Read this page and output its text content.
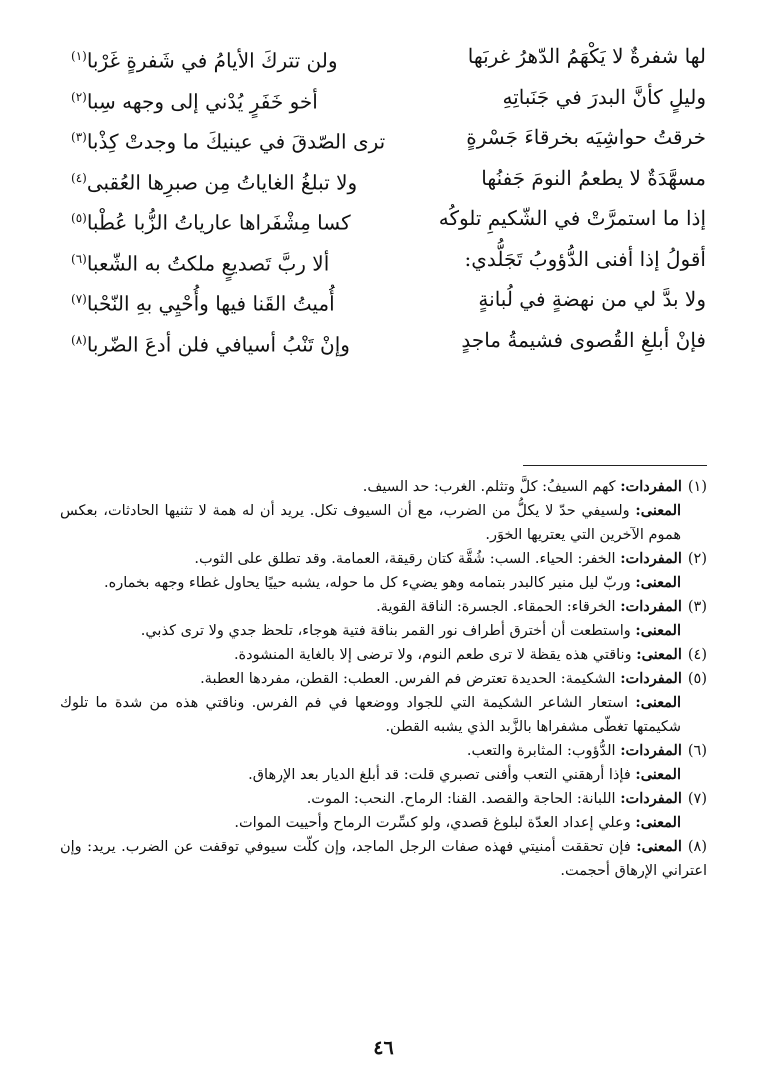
لها شفرةٌ لا يَكْهَمُ الدّهرُ غربَها
ولن تتركَ الأيامُ في شَفرةٍ غَرْبا$^{(١)}$
وليلٍ كأنَّ البدرَ في جَنَباتِهِ
أخو خَفَرٍ يُدْني إلى وجهه سِبا$^{(٢)}$
خرقتُ حواشِيَه بخرقاءَ جَسْرةٍ
ترى الصّدقَ في عينيكَ ما وجدتْ كِذْبا$^{(٣)}$
مسهَّدَةٌ لا يطعمُ النومَ جَفنُها
ولا تبلغُ الغاياتُ مِن صبرِها العُقبى$^{(٤)}$
إذا ما استمرَّتْ في الشّكيمِ تلوكُه
كسا مِشْفَراها عارياتُ الزُّبا عُطْبا$^{(٥)}$
أقولُ إذا أفنى الدُّؤوبُ تَجَلُّدي:
ألا ربَّ تَصديعٍ ملكتُ به الشّعبا$^{(٦)}$
ولا بدَّ لي من نهضةٍ في لُبانةٍ
أُميتُ القَنا فيها وأُحْيِي بهِ النّحْبا$^{(٧)}$
فإنْ أبلغِ القُصوى فشيمةُ ماجدٍ
وإنْ تَنْبُ أسيافي فلن أدعَ الضّربا$^{(٨)}$
(١)المفردات: كهم السيفُ: كلَّ وتثلم. الغرب: حد السيف.
المعنى: ولسيفي حدّ لا يكلُّ من الضرب، مع أن السيوف تكل. يريد أن له همة لا تثنيها الحادثات، بعكس هموم الآخرين التي يعتريها الخوَر.
(٢)المفردات: الخفر: الحياء. السب: شُقَّة كتان رقيقة، العمامة. وقد تطلق على الثوب.
المعنى: وربّ ليل منير كالبدر بتمامه وهو يضيء كل ما حوله، يشبه حييًا يحاول غطاء وجهه بخماره.
(٣)المفردات: الخرقاء: الحمقاء. الجسرة: الناقة القوية.
المعنى: واستطعت أن أخترق أطراف نور القمر بناقة فتية هوجاء، تلحظ جدي ولا ترى كذبي.
(٤)المعنى: وناقتي هذه يقظة لا ترى طعم النوم، ولا ترضى إلا بالغاية المنشودة.
(٥)المفردات: الشكيمة: الحديدة تعترض فم الفرس. العطب: القطن، مفردها العطبة.
المعنى: استعار الشاعر الشكيمة التي للجواد ووضعها في فم الفرس. وناقتي هذه من شدة ما تلوك شكيمتها تغطّى مشفراها بالزَّبد الذي يشبه القطن.
(٦)المفردات: الدُّؤوب: المثابرة والتعب.
المعنى: فإذا أرهقني التعب وأفنى تصبري قلت: قد أبلغ الديار بعد الإرهاق.
(٧)المفردات: اللبانة: الحاجة والقصد. القنا: الرماح. النحب: الموت.
المعنى: وعلي إعداد العدّة لبلوغ قصدي، ولو كسِّرت الرماح وأحييت الموات.
(٨)المعنى: فإن تحققت أمنيتي فهذه صفات الرجل الماجد، وإن كلّت سيوفي توقفت عن الضرب. يريد: وإن اعتراني الإرهاق أحجمت.
٤٦
